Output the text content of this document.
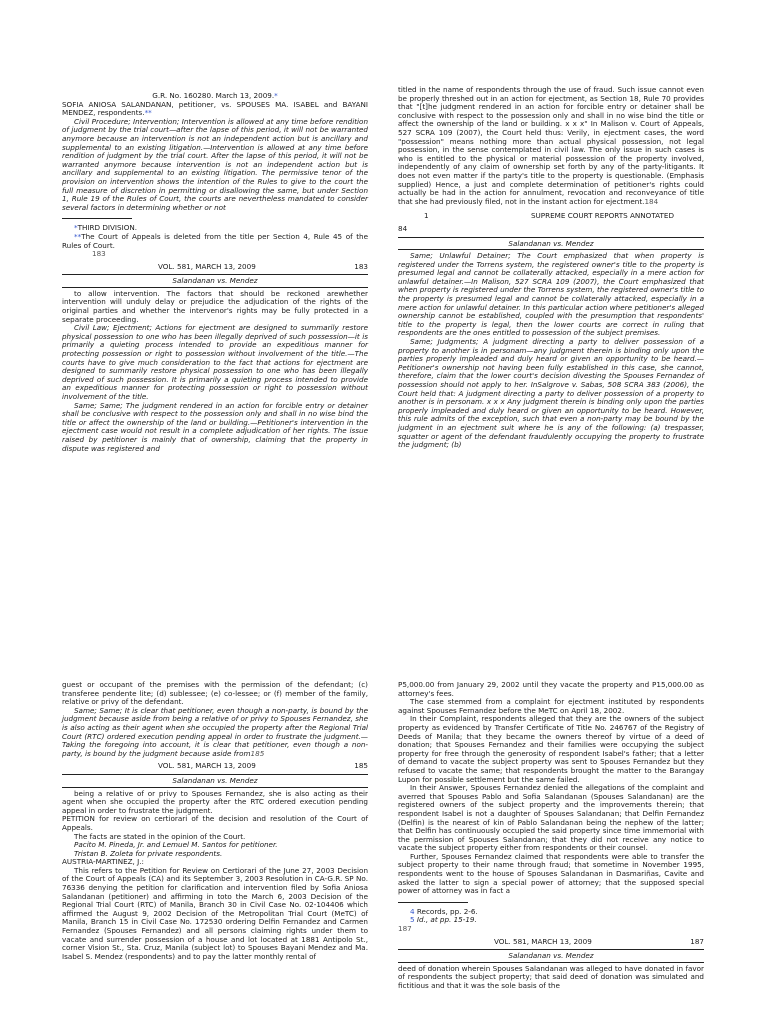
G.R. No. 160280. March 13, 2009.*

SOFIA ANIOSA SALANDANAN, petitioner, vs. SPOUSES MA. ISABEL and BAYANI MENDEZ, respondents.**

Civil Procedure; Intervention; Intervention is allowed at any time before rendition of judgment by the trial court—after the lapse of this period, it will not be warranted anymore because an intervention is not an independent action but is ancillary and supplemental to an existing litigation.—Intervention is allowed at any time before rendition of judgment by the trial court. After the lapse of this period, it will not be warranted anymore because intervention is not an independent action but is ancillary and supplemental to an existing litigation. The permissive tenor of the provision on intervention shows the intention of the Rules to give to the court the full measure of discretion in permitting or disallowing the same, but under Section 1, Rule 19 of the Rules of Court, the courts are nevertheless mandated to consider several factors in determining whether or not

*THIRD DIVISION.

**The Court of Appeals is deleted from the title per Section 4, Rule 45 of the Rules of Court.

183

VOL. 581, MARCH 13, 2009	183
Salandanan vs. Mendez

to allow intervention. The factors that should be reckoned arewhether intervention will unduly delay or prejudice the adjudication of the rights of the original parties and whether the intervenor's rights may be fully protected in a separate proceeding.

Civil Law; Ejectment; Actions for ejectment are designed to summarily restore physical possession to one who has been illegally deprived of such possession—it is primarily a quieting process intended to provide an expeditious manner for protecting possession or right to possession without involvement of the title.—The courts have to give much consideration to the fact that actions for ejectment are designed to summarily restore physical possession to one who has been illegally deprived of such possession. It is primarily a quieting process intended to provide an expeditious manner for protecting possession or right to possession without involvement of the title.

Same; Same; The judgment rendered in an action for forcible entry or detainer shall be conclusive with respect to the possession only and shall in no wise bind the title or affect the ownership of the land or building.—Petitioner's intervention in the ejectment case would not result in a complete adjudication of her rights. The issue raised by petitioner is mainly that of ownership, claiming that the property in dispute was registered and

titled in the name of respondents through the use of fraud. Such issue cannot even be properly threshed out in an action for ejectment, as Section 18, Rule 70 provides that "[t]he judgment rendered in an action for forcible entry or detainer shall be conclusive with respect to the possession only and shall in no wise bind the title or affect the ownership of the land or building. x x x" In Malison v. Court of Appeals, 527 SCRA 109 (2007), the Court held thus: Verily, in ejectment cases, the word "possession" means nothing more than actual physical possession, not legal possession, in the sense contemplated in civil law. The only issue in such cases is who is entitled to the physical or material possession of the property involved, independently of any claim of ownership set forth by any of the party-litigants. It does not even matter if the party's title to the property is questionable. (Emphasis supplied) Hence, a just and complete determination of petitioner's rights could actually be had in the action for annulment, revocation and reconveyance of title that she had previously filed, not in the instant action for ejectment.184

1	SUPREME COURT REPORTS ANNOTATED

84

Salandanan vs. Mendez

Same; Unlawful Detainer; The Court emphasized that when property is registered under the Torrens system, the registered owner's title to the property is presumed legal and cannot be collaterally attacked, especially in a mere action for unlawful detainer.—In Malison, 527 SCRA 109 (2007), the Court emphasized that when property is registered under the Torrens system, the registered owner's title to the property is presumed legal and cannot be collaterally attacked, especially in a mere action for unlawful detainer. In this particular action where petitioner's alleged ownership cannot be established, coupled with the presumption that respondents' title to the property is legal, then the lower courts are correct in ruling that respondents are the ones entitled to possession of the subject premises.

Same; Judgments; A judgment directing a party to deliver possession of a property to another is in personam—any judgment therein is binding only upon the parties properly impleaded and duly heard or given an opportunity to be heard.—Petitioner's ownership not having been fully established in this case, she cannot, therefore, claim that the lower court's decision divesting the Spouses Fernandez of possession should not apply to her. InSalgrove v. Sabas, 508 SCRA 383 (2006), the Court held that: A judgment directing a party to deliver possession of a property to another is in personam. x x x Any judgment therein is binding only upon the parties properly impleaded and duly heard or given an opportunity to be heard. However, this rule admits of the exception, such that even a non-party may be bound by the judgment in an ejectment suit where he is any of the following: (a) trespasser, squatter or agent of the defendant fraudulently occupying the property to frustrate the judgment; (b)

guest or occupant of the premises with the permission of the defendant; (c) transferee pendente lite; (d) sublessee; (e) co-lessee; or (f) member of the family, relative or privy of the defendant.

Same; Same; It is clear that petitioner, even though a non-party, is bound by the judgment because aside from being a relative of or privy to Spouses Fernandez, she is also acting as their agent when she occupied the property after the Regional Trial Court (RTC) ordered execution pending appeal in order to frustrate the judgment.—Taking the foregoing into account, it is clear that petitioner, even though a non-party, is bound by the judgment because aside from185

VOL. 581, MARCH 13, 2009	185
Salandanan vs. Mendez

being a relative of or privy to Spouses Fernandez, she is also acting as their agent when she occupied the property after the RTC ordered execution pending appeal in order to frustrate the judgment.

PETITION for review on certiorari of the decision and resolution of the Court of Appeals.

The facts are stated in the opinion of the Court.

Pacito M. Pineda, Jr. and Lemuel M. Santos for petitioner.

Tristan B. Zoleta for private respondents.

AUSTRIA-MARTINEZ, J.:

This refers to the Petition for Review on Certiorari of the June 27, 2003 Decision of the Court of Appeals (CA) and its September 3, 2003 Resolution in CA-G.R. SP No. 76336 denying the petition for clarification and intervention filed by Sofia Aniosa Salandanan (petitioner) and affirming in toto the March 6, 2003 Decision of the Regional Trial Court (RTC) of Manila, Branch 30 in Civil Case No. 02-104406 which affirmed the August 9, 2002 Decision of the Metropolitan Trial Court (MeTC) of Manila, Branch 15 in Civil Case No. 172530 ordering Delfin Fernandez and Carmen Fernandez (Spouses Fernandez) and all persons claiming rights under them to vacate and surrender possession of a house and lot located at 1881 Antipolo St., corner Vision St., Sta. Cruz, Manila (subject lot) to Spouses Bayani Mendez and Ma. Isabel S. Mendez (respondents) and to pay the latter monthly rental of

P5,000.00 from January 29, 2002 until they vacate the property and P15,000.00 as attorney's fees.

The case stemmed from a complaint for ejectment instituted by respondents against Spouses Fernandez before the MeTC on April 18, 2002.

In their Complaint, respondents alleged that they are the owners of the subject property as evidenced by Transfer Certificate of Title No. 246767 of the Registry of Deeds of Manila; that they became the owners thereof by virtue of a deed of donation; that Spouses Fernandez and their families were occupying the subject property for free through the generosity of respondent Isabel's father; that a letter of demand to vacate the subject property was sent to Spouses Fernandez but they refused to vacate the same; that respondents brought the matter to the Barangay Lupon for possible settlement but the same failed.

In their Answer, Spouses Fernandez denied the allegations of the complaint and averred that Spouses Pablo and Sofia Salandanan (Spouses Salandanan) are the registered owners of the subject property and the improvements therein; that respondent Isabel is not a daughter of Spouses Salandanan; that Delfin Fernandez (Delfin) is the nearest of kin of Pablo Salandanan being the nephew of the latter; that Delfin has continuously occupied the said property since time immemorial with the permission of Spouses Salandanan; that they did not receive any notice to vacate the subject property either from respondents or their counsel.

Further, Spouses Fernandez claimed that respondents were able to transfer the subject property to their name through fraud; that sometime in November 1995, respondents went to the house of Spouses Salandanan in Dasmariñas, Cavite and asked the latter to sign a special power of attorney; that the supposed special power of attorney was in fact a

4 Records, pp. 2-6.

5 Id., at pp. 15-19.

187

VOL. 581, MARCH 13, 2009	187
Salandanan vs. Mendez

deed of donation wherein Spouses Salandanan was alleged to have donated in favor of respondents the subject property; that said deed of donation was simulated and fictitious and that it was the sole basis of the
